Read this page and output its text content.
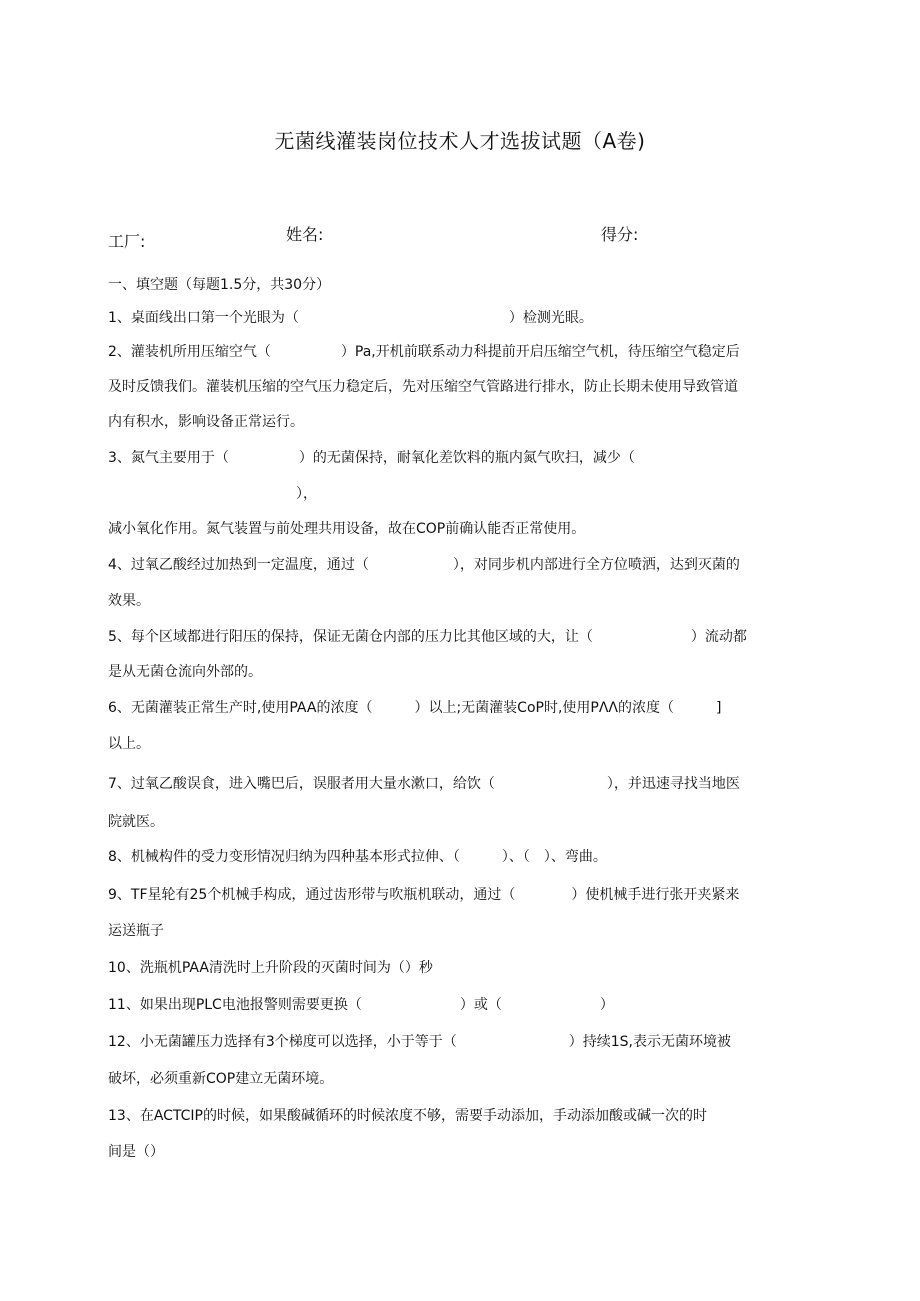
无菌线灌装岗位技术人才选拔试题（A卷)
工厂:	姓名:	得分:
一、填空题（每题1.5分，共30分）
1、桌面线出口第一个光眼为（　　　　　　　　　　　　　　　）检测光眼。
2、灌装机所用压缩空气（　　　　　）Pa,开机前联系动力科提前开启压缩空气机，待压缩空气稳定后
及时反馈我们。灌装机压缩的空气压力稳定后，先对压缩空气管路进行排水，防止长期未使用导致管道
内有积水，影响设备正常运行。
3、氮气主要用于（　　　　　）的无菌保持，耐氧化差饮料的瓶内氮气吹扫，减少（
），
减小氧化作用。氮气装置与前处理共用设备，故在COP前确认能否正常使用。
4、过氧乙酸经过加热到一定温度，通过（　　　　　　），对同步机内部进行全方位喷洒，达到灭菌的
效果。
5、每个区域都进行阳压的保持，保证无菌仓内部的压力比其他区域的大，让（　　　　　　　）流动都
是从无菌仓流向外部的。
6、无菌灌装正常生产时,使用PAA的浓度（　　　）以上;无菌灌装CoP时,使用PΛΛ的浓度（　　　]
以上。
7、过氧乙酸误食，进入嘴巴后，误服者用大量水漱口，给饮（　　　　　　　　），并迅速寻找当地医
院就医。
8、机械构件的受力变形情况归纳为四种基本形式拉伸、（　　　）、（　）、弯曲。
9、TF星轮有25个机械手构成，通过齿形带与吹瓶机联动，通过（　　　　）使机械手进行张开夹紧来
运送瓶子
10、洗瓶机PAA清洗时上升阶段的灭菌时间为（）秒
11、如果出现PLC电池报警则需要更换（　　　　　　　）或（　　　　　　　）
12、小无菌罐压力选择有3个梯度可以选择，小于等于（　　　　　　　　）持续1S,表示无菌环境被
破坏，必须重新COP建立无菌环境。
13、在ACTCIP的时候，如果酸碱循环的时候浓度不够，需要手动添加，手动添加酸或碱一次的时
间是（）
